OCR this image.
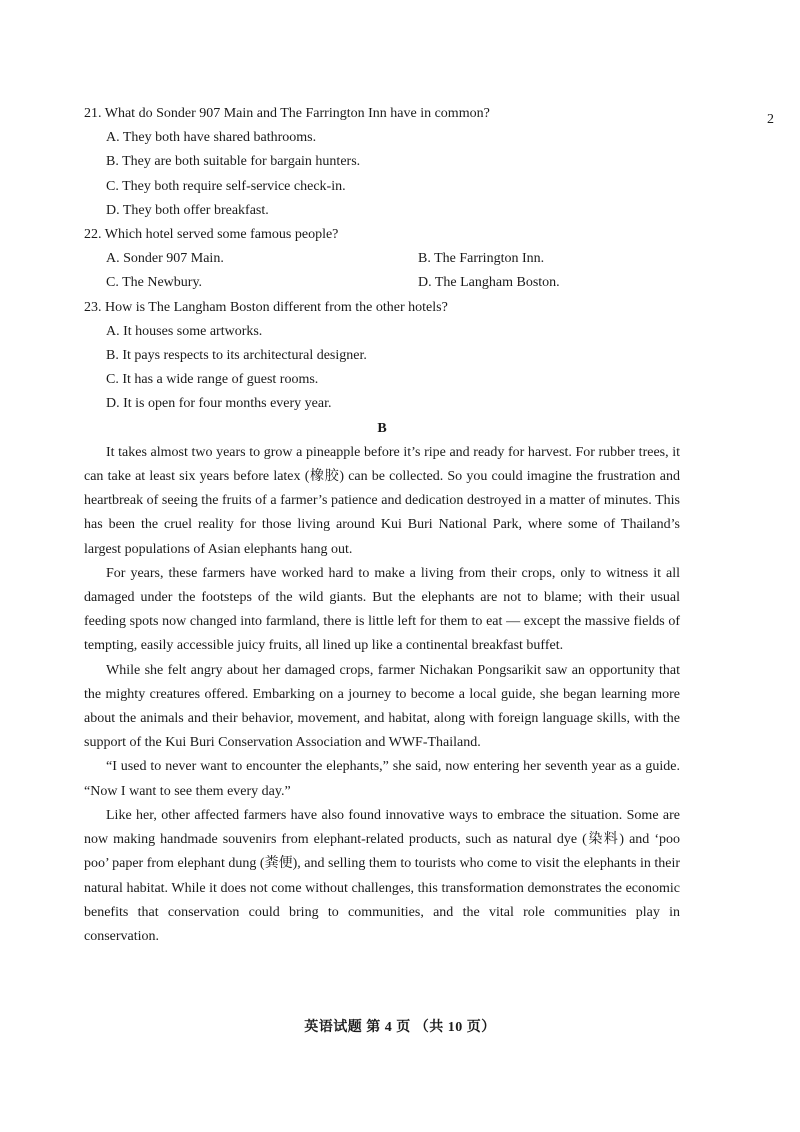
2

21. What do Sonder 907 Main and The Farrington Inn have in common?

A. They both have shared bathrooms.

B. They are both suitable for bargain hunters.

C. They both require self-service check-in.

D. They both offer breakfast.

22. Which hotel served some famous people?

A. Sonder 907 Main.	B. The Farrington Inn.
C. The Newbury.	D. The Langham Boston.

23. How is The Langham Boston different from the other hotels?

A. It houses some artworks.

B. It pays respects to its architectural designer.

C. It has a wide range of guest rooms.

D. It is open for four months every year.

B

It takes almost two years to grow a pineapple before it’s ripe and ready for harvest. For rubber trees, it can take at least six years before latex (橡胶) can be collected. So you could imagine the frustration and heartbreak of seeing the fruits of a farmer’s patience and dedication destroyed in a matter of minutes. This has been the cruel reality for those living around Kui Buri National Park, where some of Thailand’s largest populations of Asian elephants hang out.

For years, these farmers have worked hard to make a living from their crops, only to witness it all damaged under the footsteps of the wild giants. But the elephants are not to blame; with their usual feeding spots now changed into farmland, there is little left for them to eat — except the massive fields of tempting, easily accessible juicy fruits, all lined up like a continental breakfast buffet.

While she felt angry about her damaged crops, farmer Nichakan Pongsarikit saw an opportunity that the mighty creatures offered. Embarking on a journey to become a local guide, she began learning more about the animals and their behavior, movement, and habitat, along with foreign language skills, with the support of the Kui Buri Conservation Association and WWF-Thailand.

“I used to never want to encounter the elephants,” she said, now entering her seventh year as a guide. “Now I want to see them every day.”

Like her, other affected farmers have also found innovative ways to embrace the situation. Some are now making handmade souvenirs from elephant-related products, such as natural dye (染料) and ‘poo poo’ paper from elephant dung (粪便), and selling them to tourists who come to visit the elephants in their natural habitat. While it does not come without challenges, this transformation demonstrates the economic benefits that conservation could bring to communities, and the vital role communities play in conservation.

英语试题 第 4 页 （共 10 页）
